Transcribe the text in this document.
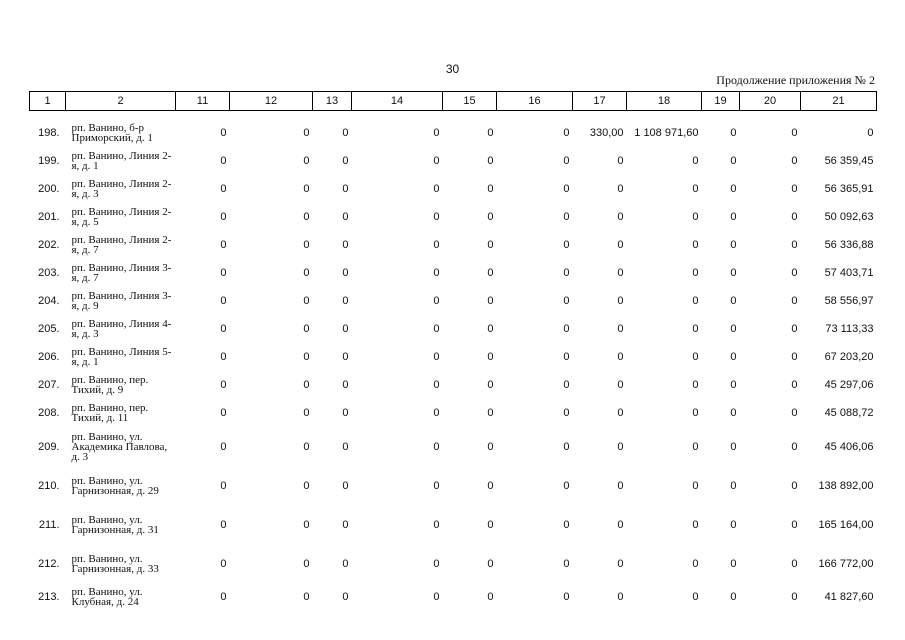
30
Продолжение приложения № 2
1	2	11	12	13	14	15	16	17	18	19	20	21

198.	рп. Ванино, б-р Приморский, д. 1	0	0	0	0	0	0	330,00	1 108 971,60	0	0	0
199.	рп. Ванино, Линия 2-я, д. 1	0	0	0	0	0	0	0	0	0	0	56 359,45
200.	рп. Ванино, Линия 2-я, д. 3	0	0	0	0	0	0	0	0	0	0	56 365,91
201.	рп. Ванино, Линия 2-я, д. 5	0	0	0	0	0	0	0	0	0	0	50 092,63
202.	рп. Ванино, Линия 2-я, д. 7	0	0	0	0	0	0	0	0	0	0	56 336,88
203.	рп. Ванино, Линия 3-я, д. 7	0	0	0	0	0	0	0	0	0	0	57 403,71
204.	рп. Ванино, Линия 3-я, д. 9	0	0	0	0	0	0	0	0	0	0	58 556,97
205.	рп. Ванино, Линия 4-я, д. 3	0	0	0	0	0	0	0	0	0	0	73 113,33
206.	рп. Ванино, Линия 5-я, д. 1	0	0	0	0	0	0	0	0	0	0	67 203,20
207.	рп. Ванино, пер. Тихий, д. 9	0	0	0	0	0	0	0	0	0	0	45 297,06
208.	рп. Ванино, пер. Тихий, д. 11	0	0	0	0	0	0	0	0	0	0	45 088,72
209.	рп. Ванино, ул. Академика Павлова, д. 3	0	0	0	0	0	0	0	0	0	0	45 406,06
210.	рп. Ванино, ул. Гарнизонная, д. 29	0	0	0	0	0	0	0	0	0	0	138 892,00
211.	рп. Ванино, ул. Гарнизонная, д. 31	0	0	0	0	0	0	0	0	0	0	165 164,00
212.	рп. Ванино, ул. Гарнизонная, д. 33	0	0	0	0	0	0	0	0	0	0	166 772,00
213.	рп. Ванино, ул. Клубная, д. 24	0	0	0	0	0	0	0	0	0	0	41 827,60
